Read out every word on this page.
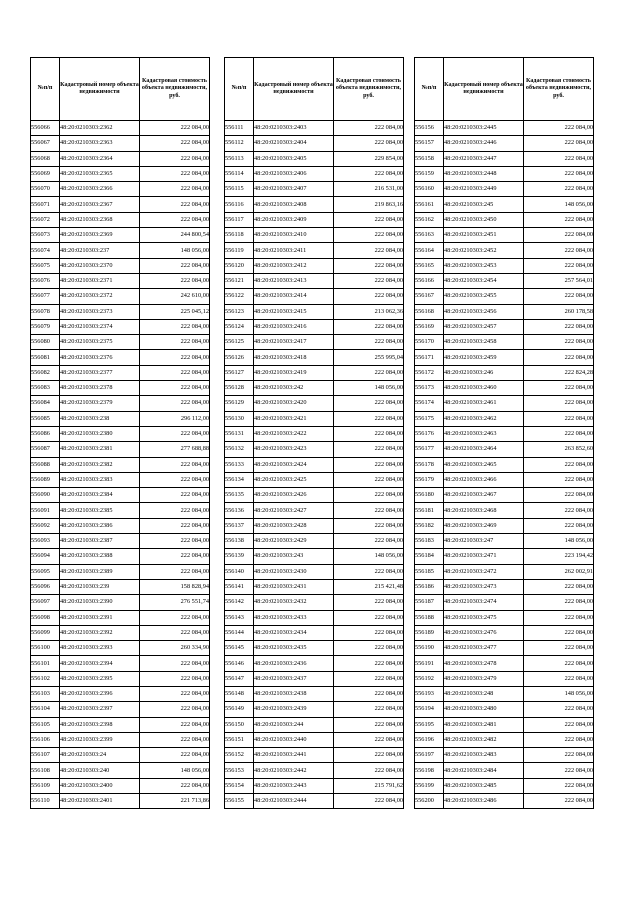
№п/п	Кадастровый номер объекта недвижимости	Кадастровая стоимость объекта недвижимости, руб.
556066	48:20:0210303:2362	222 084,00
556067	48:20:0210303:2363	222 084,00
556068	48:20:0210303:2364	222 084,00
556069	48:20:0210303:2365	222 084,00
556070	48:20:0210303:2366	222 084,00
556071	48:20:0210303:2367	222 084,00
556072	48:20:0210303:2368	222 084,00
556073	48:20:0210303:2369	244 800,54
556074	48:20:0210303:237	148 056,00
556075	48:20:0210303:2370	222 084,00
556076	48:20:0210303:2371	222 084,00
556077	48:20:0210303:2372	242 610,00
556078	48:20:0210303:2373	225 045,12
556079	48:20:0210303:2374	222 084,00
556080	48:20:0210303:2375	222 084,00
556081	48:20:0210303:2376	222 084,00
556082	48:20:0210303:2377	222 084,00
556083	48:20:0210303:2378	222 084,00
556084	48:20:0210303:2379	222 084,00
556085	48:20:0210303:238	296 112,00
556086	48:20:0210303:2380	222 084,00
556087	48:20:0210303:2381	277 688,88
556088	48:20:0210303:2382	222 084,00
556089	48:20:0210303:2383	222 084,00
556090	48:20:0210303:2384	222 084,00
556091	48:20:0210303:2385	222 084,00
556092	48:20:0210303:2386	222 084,00
556093	48:20:0210303:2387	222 084,00
556094	48:20:0210303:2388	222 084,00
556095	48:20:0210303:2389	222 084,00
556096	48:20:0210303:239	158 828,94
556097	48:20:0210303:2390	276 551,74
556098	48:20:0210303:2391	222 084,00
556099	48:20:0210303:2392	222 084,00
556100	48:20:0210303:2393	260 334,90
556101	48:20:0210303:2394	222 084,00
556102	48:20:0210303:2395	222 084,00
556103	48:20:0210303:2396	222 084,00
556104	48:20:0210303:2397	222 084,00
556105	48:20:0210303:2398	222 084,00
556106	48:20:0210303:2399	222 084,00
556107	48:20:0210303:24	222 084,00
556108	48:20:0210303:240	148 056,00
556109	48:20:0210303:2400	222 084,00
556110	48:20:0210303:2401	221 713,86
№п/п	Кадастровый номер объекта недвижимости	Кадастровая стоимость объекта недвижимости, руб.
556111	48:20:0210303:2403	222 084,00
556112	48:20:0210303:2404	222 084,00
556113	48:20:0210303:2405	229 854,00
556114	48:20:0210303:2406	222 084,00
556115	48:20:0210303:2407	216 531,00
556116	48:20:0210303:2408	219 863,16
556117	48:20:0210303:2409	222 084,00
556118	48:20:0210303:2410	222 084,00
556119	48:20:0210303:2411	222 084,00
556120	48:20:0210303:2412	222 084,00
556121	48:20:0210303:2413	222 084,00
556122	48:20:0210303:2414	222 084,00
556123	48:20:0210303:2415	213 062,36
556124	48:20:0210303:2416	222 084,00
556125	48:20:0210303:2417	222 084,00
556126	48:20:0210303:2418	255 995,04
556127	48:20:0210303:2419	222 084,00
556128	48:20:0210303:242	148 056,00
556129	48:20:0210303:2420	222 084,00
556130	48:20:0210303:2421	222 084,00
556131	48:20:0210303:2422	222 084,00
556132	48:20:0210303:2423	222 084,00
556133	48:20:0210303:2424	222 084,00
556134	48:20:0210303:2425	222 084,00
556135	48:20:0210303:2426	222 084,00
556136	48:20:0210303:2427	222 084,00
556137	48:20:0210303:2428	222 084,00
556138	48:20:0210303:2429	222 084,00
556139	48:20:0210303:243	148 056,00
556140	48:20:0210303:2430	222 084,00
556141	48:20:0210303:2431	215 421,48
556142	48:20:0210303:2432	222 084,00
556143	48:20:0210303:2433	222 084,00
556144	48:20:0210303:2434	222 084,00
556145	48:20:0210303:2435	222 084,00
556146	48:20:0210303:2436	222 084,00
556147	48:20:0210303:2437	222 084,00
556148	48:20:0210303:2438	222 084,00
556149	48:20:0210303:2439	222 084,00
556150	48:20:0210303:244	222 084,00
556151	48:20:0210303:2440	222 084,00
556152	48:20:0210303:2441	222 084,00
556153	48:20:0210303:2442	222 084,00
556154	48:20:0210303:2443	215 791,62
556155	48:20:0210303:2444	222 084,00
№п/п	Кадастровый номер объекта недвижимости	Кадастровая стоимость объекта недвижимости, руб.
556156	48:20:0210303:2445	222 084,00
556157	48:20:0210303:2446	222 084,00
556158	48:20:0210303:2447	222 084,00
556159	48:20:0210303:2448	222 084,00
556160	48:20:0210303:2449	222 084,00
556161	48:20:0210303:245	148 056,00
556162	48:20:0210303:2450	222 084,00
556163	48:20:0210303:2451	222 084,00
556164	48:20:0210303:2452	222 084,00
556165	48:20:0210303:2453	222 084,00
556166	48:20:0210303:2454	257 564,01
556167	48:20:0210303:2455	222 084,00
556168	48:20:0210303:2456	260 178,58
556169	48:20:0210303:2457	222 084,00
556170	48:20:0210303:2458	222 084,00
556171	48:20:0210303:2459	222 084,00
556172	48:20:0210303:246	222 824,28
556173	48:20:0210303:2460	222 084,00
556174	48:20:0210303:2461	222 084,00
556175	48:20:0210303:2462	222 084,00
556176	48:20:0210303:2463	222 084,00
556177	48:20:0210303:2464	263 852,60
556178	48:20:0210303:2465	222 084,00
556179	48:20:0210303:2466	222 084,00
556180	48:20:0210303:2467	222 084,00
556181	48:20:0210303:2468	222 084,00
556182	48:20:0210303:2469	222 084,00
556183	48:20:0210303:247	148 056,00
556184	48:20:0210303:2471	223 194,42
556185	48:20:0210303:2472	262 002,91
556186	48:20:0210303:2473	222 084,00
556187	48:20:0210303:2474	222 084,00
556188	48:20:0210303:2475	222 084,00
556189	48:20:0210303:2476	222 084,00
556190	48:20:0210303:2477	222 084,00
556191	48:20:0210303:2478	222 084,00
556192	48:20:0210303:2479	222 084,00
556193	48:20:0210303:248	148 056,00
556194	48:20:0210303:2480	222 084,00
556195	48:20:0210303:2481	222 084,00
556196	48:20:0210303:2482	222 084,00
556197	48:20:0210303:2483	222 084,00
556198	48:20:0210303:2484	222 084,00
556199	48:20:0210303:2485	222 084,00
556200	48:20:0210303:2486	222 084,00
